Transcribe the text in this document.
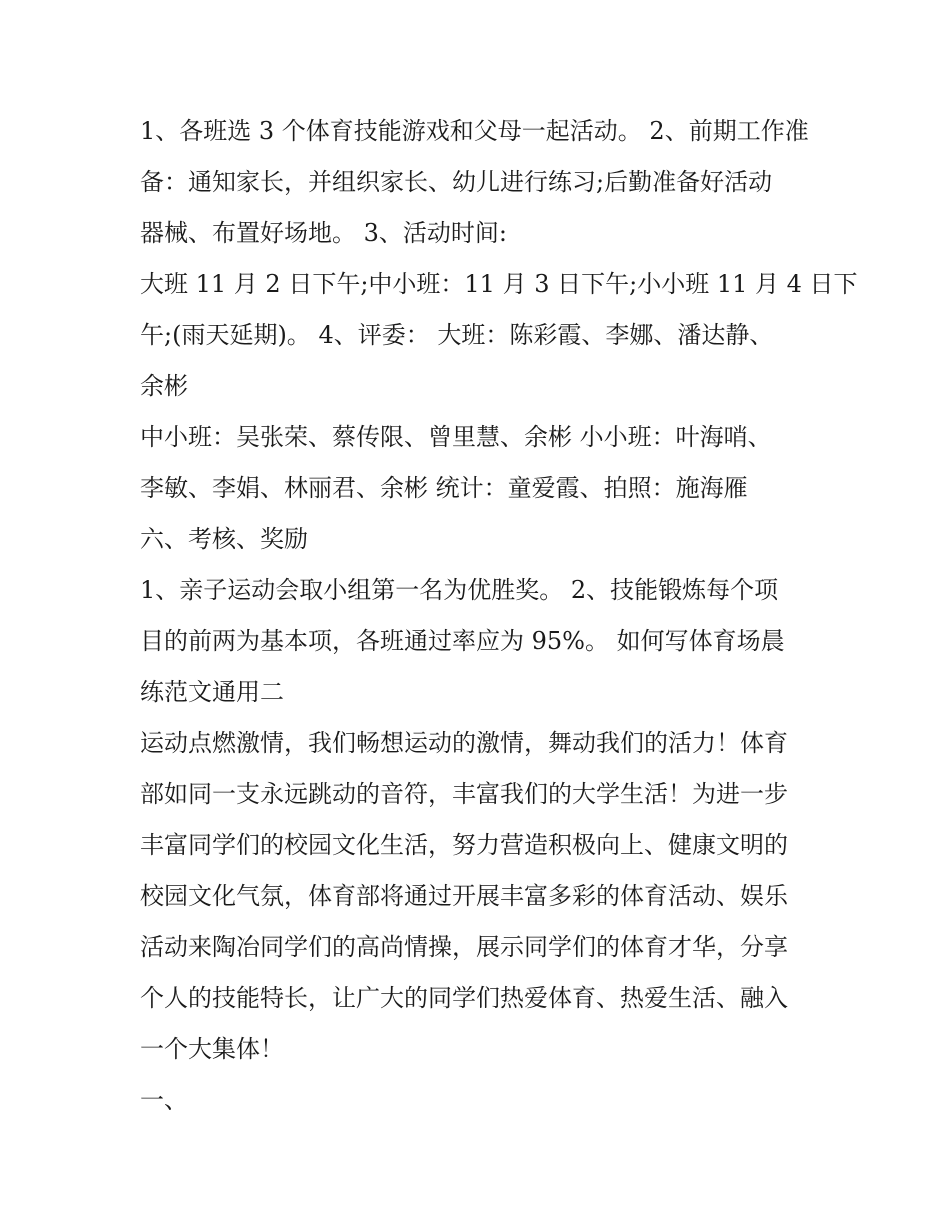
1、各班选 3 个体育技能游戏和父母一起活动。 2、前期工作准
备：通知家长，并组织家长、幼儿进行练习;后勤准备好活动
器械、布置好场地。 3、活动时间:
大班 11 月 2 日下午;中小班：11 月 3 日下午;小小班 11 月 4 日下
午;(雨天延期)。 4、评委： 大班：陈彩霞、李娜、潘达静、
余彬
中小班：吴张荣、蔡传限、曾里慧、余彬 小小班：叶海哨、
李敏、李娟、林丽君、余彬 统计：童爱霞、拍照：施海雁
六、考核、奖励
1、亲子运动会取小组第一名为优胜奖。 2、技能锻炼每个项
目的前两为基本项，各班通过率应为 95%。 如何写体育场晨
练范文通用二
运动点燃激情，我们畅想运动的激情，舞动我们的活力！体育
部如同一支永远跳动的音符，丰富我们的大学生活！为进一步
丰富同学们的校园文化生活，努力营造积极向上、健康文明的
校园文化气氛，体育部将通过开展丰富多彩的体育活动、娱乐
活动来陶冶同学们的高尚情操，展示同学们的体育才华，分享
个人的技能特长，让广大的同学们热爱体育、热爱生活、融入
一个大集体！
一、
